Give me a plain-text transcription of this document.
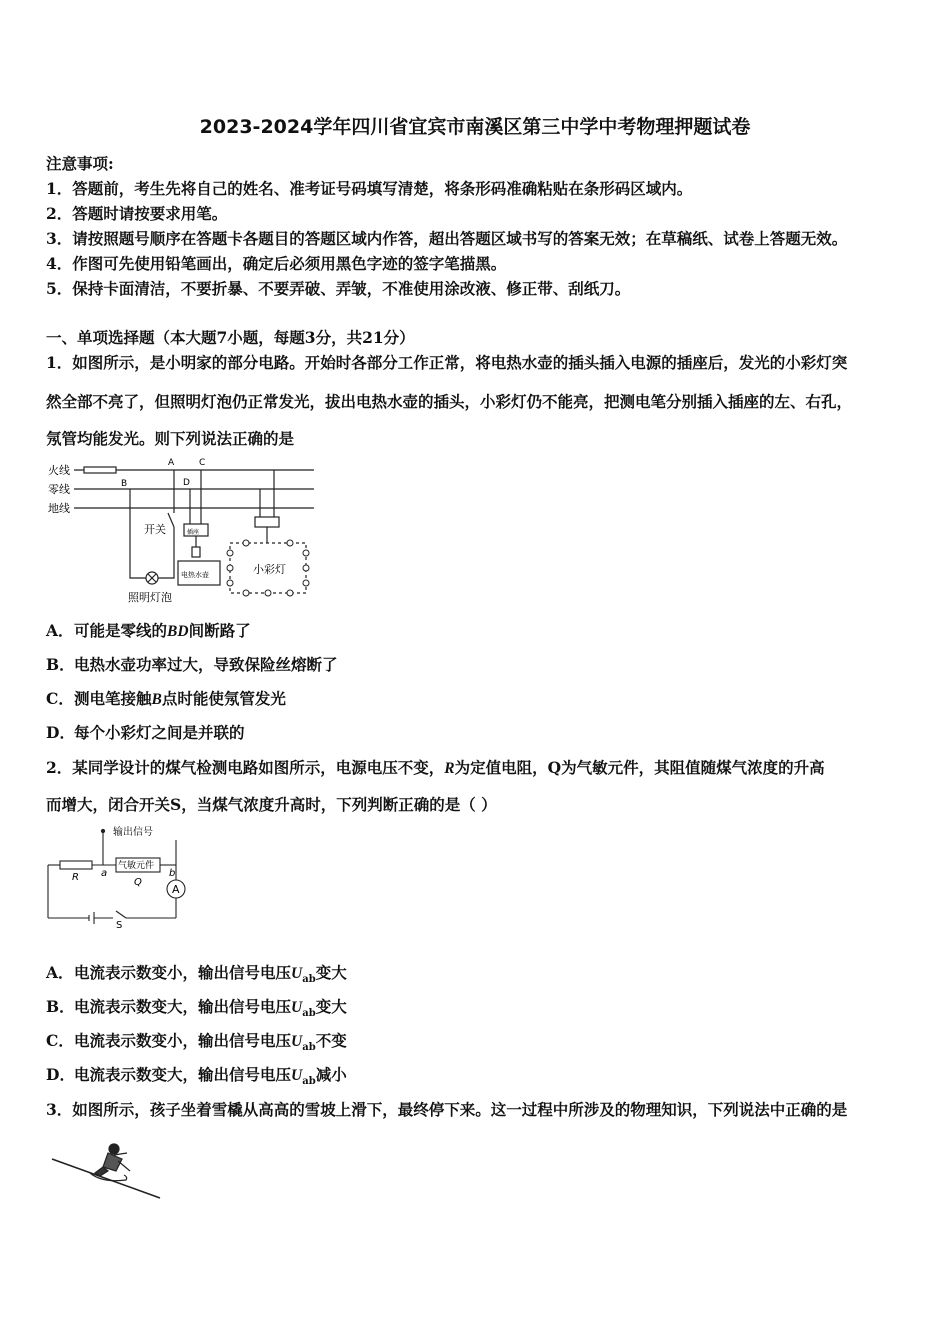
2023-2024学年四川省宜宾市南溪区第三中学中考物理押题试卷
注意事项:
1．答题前，考生先将自己的姓名、准考证号码填写清楚，将条形码准确粘贴在条形码区域内。
2．答题时请按要求用笔。
3．请按照题号顺序在答题卡各题目的答题区域内作答，超出答题区域书写的答案无效；在草稿纸、试卷上答题无效。
4．作图可先使用铅笔画出，确定后必须用黑色字迹的签字笔描黑。
5．保持卡面清洁，不要折暴、不要弄破、弄皱，不准使用涂改液、修正带、刮纸刀。
一、单项选择题（本大题7小题，每题3分，共21分）
1．如图所示，是小明家的部分电路。开始时各部分工作正常，将电热水壶的插头插入电源的插座后，发光的小彩灯突
然全部不亮了，但照明灯泡仍正常发光，拔出电热水壶的插头，小彩灯仍不能亮，把测电笔分别插入插座的左、右孔，
氖管均能发光。则下列说法正确的是
火线
零线
地线
A
B
C
D
开关	插座
电热水壶	小彩灯
照明灯泡
A．可能是零线的BD间断路了
B．电热水壶功率过大，导致保险丝熔断了
C．测电笔接触B点时能使氖管发光
D．每个小彩灯之间是并联的
2．某同学设计的煤气检测电路如图所示，电源电压不变，R为定值电阻，Q为气敏元件，其阻值随煤气浓度的升高
而增大，闭合开关S，当煤气浓度升高时，下列判断正确的是（ ）
输出信号
气敏元件
R a
Q
b
A
S
A．电流表示数变小，输出信号电压$U_{ab}$变大
B．电流表示数变大，输出信号电压$U_{ab}$变大
C．电流表示数变小，输出信号电压$U_{ab}$不变
D．电流表示数变大，输出信号电压$U_{ab}$减小
3．如图所示，孩子坐着雪橇从高高的雪坡上滑下，最终停下来。这一过程中所涉及的物理知识，下列说法中正确的是
